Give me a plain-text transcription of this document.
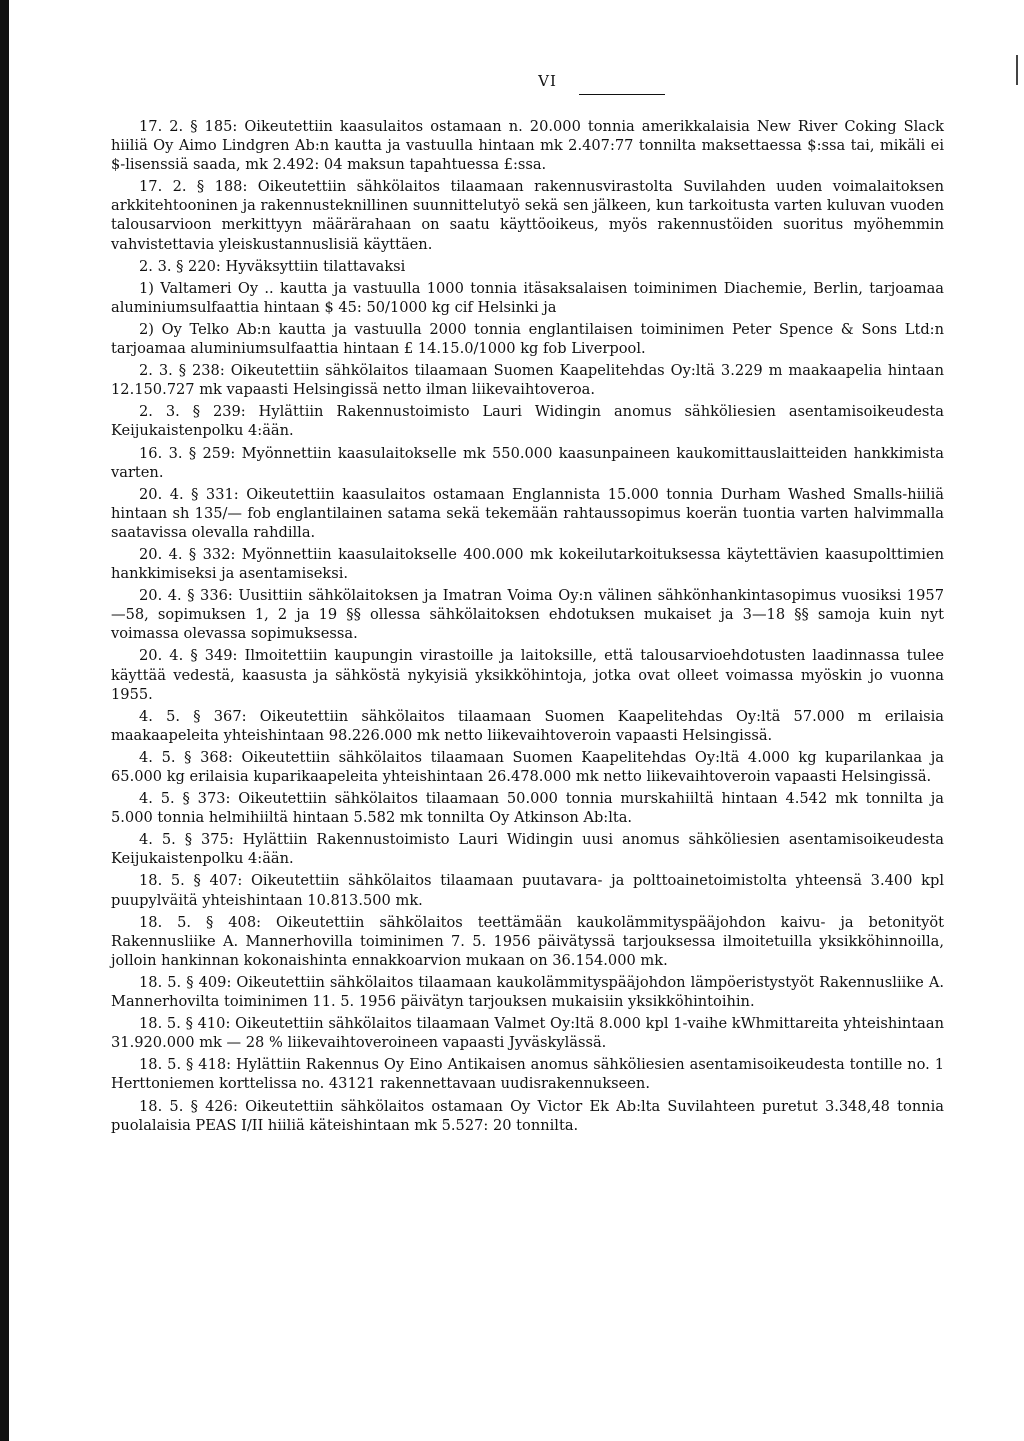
VI

17. 2. § 185: Oikeutettiin kaasulaitos ostamaan n. 20.000 tonnia amerikkalaisia New River Coking Slack hiiliä Oy Aimo Lindgren Ab:n kautta ja vastuulla hintaan mk 2.407:77 tonnilta maksettaessa $:ssa tai, mikäli ei $-lisenssiä saada, mk 2.492: 04 maksun tapahtuessa £:ssa.

17. 2. § 188: Oikeutettiin sähkölaitos tilaamaan rakennusvirastolta Suvilahden uuden voimalaitoksen arkkitehtooninen ja rakennusteknillinen suunnittelutyö sekä sen jälkeen, kun tarkoitusta varten kuluvan vuoden talousarvioon merkittyyn määrärahaan on saatu käyttöoikeus, myös rakennustöiden suoritus myöhemmin vahvistettavia yleiskustannuslisiä käyttäen.

2. 3. § 220: Hyväksyttiin tilattavaksi

1) Valtameri Oy .. kautta ja vastuulla 1000 tonnia itäsaksalaisen toiminimen Diachemie, Berlin, tarjoamaa aluminiumsulfaattia hintaan $ 45: 50/1000 kg cif Helsinki ja

2) Oy Telko Ab:n kautta ja vastuulla 2000 tonnia englantilaisen toiminimen Peter Spence & Sons Ltd:n tarjoamaa aluminiumsulfaattia hintaan £ 14.15.0/1000 kg fob Liverpool.

2. 3. § 238: Oikeutettiin sähkölaitos tilaamaan Suomen Kaapelitehdas Oy:ltä 3.229 m maakaapelia hintaan 12.150.727 mk vapaasti Helsingissä netto ilman liikevaihtoveroa.

2. 3. § 239: Hylättiin Rakennustoimisto Lauri Widingin anomus sähköliesien asentamisoikeudesta Keijukaistenpolku 4:ään.

16. 3. § 259: Myönnettiin kaasulaitokselle mk 550.000 kaasunpaineen kaukomittauslaitteiden hankkimista varten.

20. 4. § 331: Oikeutettiin kaasulaitos ostamaan Englannista 15.000 tonnia Durham Washed Smalls-hiiliä hintaan sh 135/— fob englantilainen satama sekä tekemään rahtaussopimus koerän tuontia varten halvimmalla saatavissa olevalla rahdilla.

20. 4. § 332: Myönnettiin kaasulaitokselle 400.000 mk kokeilutarkoituksessa käytettävien kaasupolttimien hankkimiseksi ja asentamiseksi.

20. 4. § 336: Uusittiin sähkölaitoksen ja Imatran Voima Oy:n välinen sähkönhankintasopimus vuosiksi 1957—58, sopimuksen 1, 2 ja 19 §§ ollessa sähkölaitoksen ehdotuksen mukaiset ja 3—18 §§ samoja kuin nyt voimassa olevassa sopimuksessa.

20. 4. § 349: Ilmoitettiin kaupungin virastoille ja laitoksille, että talousarvioehdotusten laadinnassa tulee käyttää vedestä, kaasusta ja sähköstä nykyisiä yksikköhintoja, jotka ovat olleet voimassa myöskin jo vuonna 1955.

4. 5. § 367: Oikeutettiin sähkölaitos tilaamaan Suomen Kaapelitehdas Oy:ltä 57.000 m erilaisia maakaapeleita yhteishintaan 98.226.000 mk netto liikevaihtoveroin vapaasti Helsingissä.

4. 5. § 368: Oikeutettiin sähkölaitos tilaamaan Suomen Kaapelitehdas Oy:ltä 4.000 kg kuparilankaa ja 65.000 kg erilaisia kuparikaapeleita yhteishintaan 26.478.000 mk netto liikevaihtoveroin vapaasti Helsingissä.

4. 5. § 373: Oikeutettiin sähkölaitos tilaamaan 50.000 tonnia murskahiiltä hintaan 4.542 mk tonnilta ja 5.000 tonnia helmihiiltä hintaan 5.582 mk tonnilta Oy Atkinson Ab:lta.

4. 5. § 375: Hylättiin Rakennustoimisto Lauri Widingin uusi anomus sähköliesien asentamisoikeudesta Keijukaistenpolku 4:ään.

18. 5. § 407: Oikeutettiin sähkölaitos tilaamaan puutavara- ja polttoainetoimistolta yhteensä 3.400 kpl puupylväitä yhteishintaan 10.813.500 mk.

18. 5. § 408: Oikeutettiin sähkölaitos teettämään kaukolämmityspääjohdon kaivu- ja betonityöt Rakennusliike A. Mannerhovilla toiminimen 7. 5. 1956 päivätyssä tarjouksessa ilmoitetuilla yksikköhinnoilla, jolloin hankinnan kokonaishinta ennakkoarvion mukaan on 36.154.000 mk.

18. 5. § 409: Oikeutettiin sähkölaitos tilaamaan kaukolämmityspääjohdon lämpöeristystyöt Rakennusliike A. Mannerhovilta toiminimen 11. 5. 1956 päivätyn tarjouksen mukaisiin yksikköhintoihin.

18. 5. § 410: Oikeutettiin sähkölaitos tilaamaan Valmet Oy:ltä 8.000 kpl 1-vaihe kWhmittareita yhteishintaan 31.920.000 mk — 28 % liikevaihtoveroineen vapaasti Jyväskylässä.

18. 5. § 418: Hylättiin Rakennus Oy Eino Antikaisen anomus sähköliesien asentamisoikeudesta tontille no. 1 Herttoniemen korttelissa no. 43121 rakennettavaan uudisrakennukseen.

18. 5. § 426: Oikeutettiin sähkölaitos ostamaan Oy Victor Ek Ab:lta Suvilahteen puretut 3.348,48 tonnia puolalaisia PEAS I/II hiiliä käteishintaan mk 5.527: 20 tonnilta.
